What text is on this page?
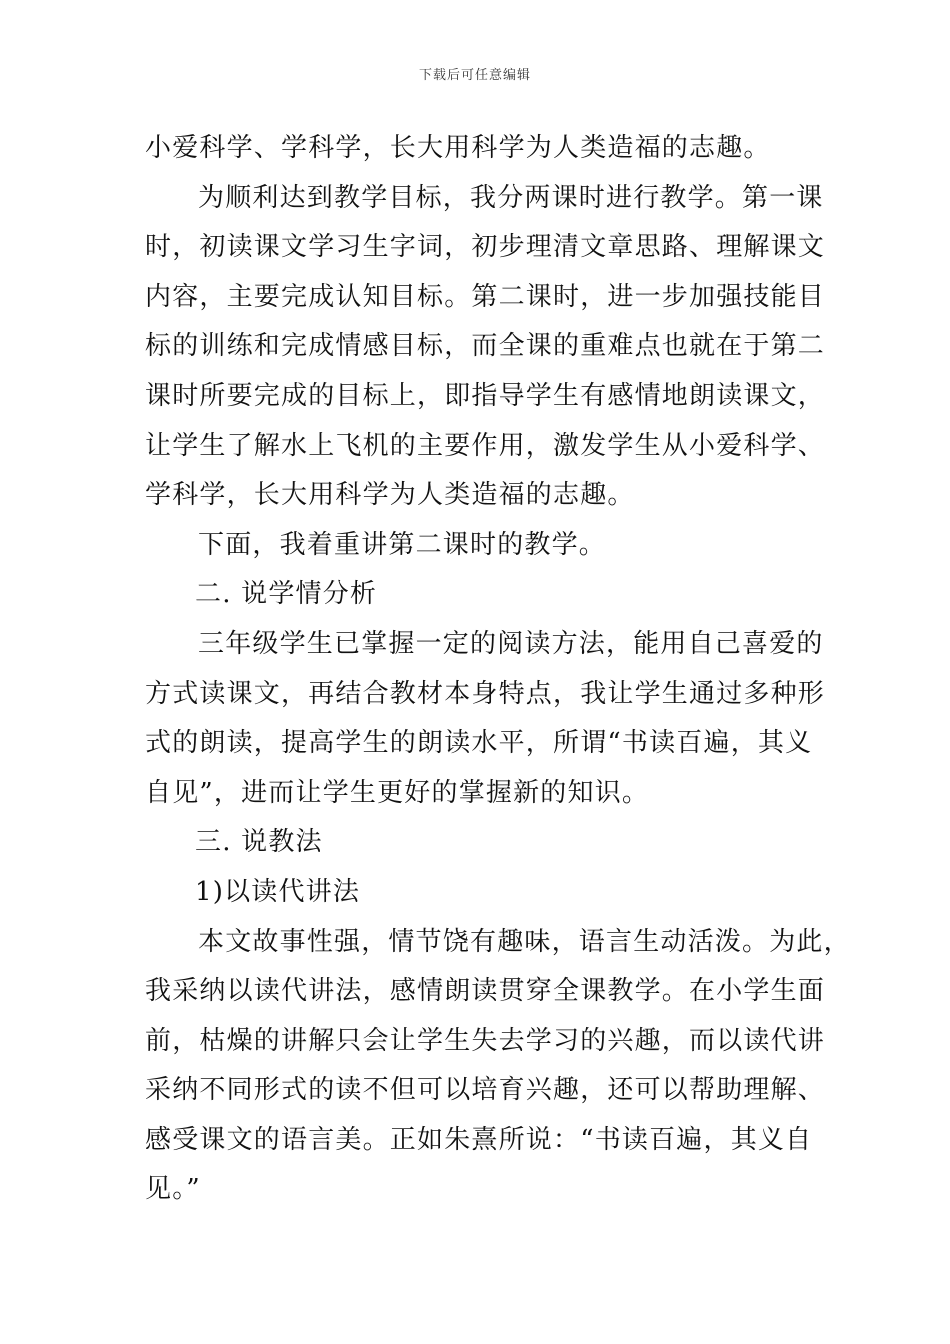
下载后可任意编辑
小爱科学、学科学，长大用科学为人类造福的志趣。
为顺利达到教学目标，我分两课时进行教学。第一课
时，初读课文学习生字词，初步理清文章思路、理解课文
内容，主要完成认知目标。第二课时，进一步加强技能目
标的训练和完成情感目标，而全课的重难点也就在于第二
课时所要完成的目标上，即指导学生有感情地朗读课文，
让学生了解水上飞机的主要作用，激发学生从小爱科学、
学科学，长大用科学为人类造福的志趣。
下面，我着重讲第二课时的教学。
二. 说学情分析
三年级学生已掌握一定的阅读方法，能用自己喜爱的
方式读课文，再结合教材本身特点，我让学生通过多种形
式的朗读，提高学生的朗读水平，所谓“书读百遍，其义
自见”，进而让学生更好的掌握新的知识。
三. 说教法
1)以读代讲法
本文故事性强，情节饶有趣味，语言生动活泼。为此，
我采纳以读代讲法，感情朗读贯穿全课教学。在小学生面
前，枯燥的讲解只会让学生失去学习的兴趣，而以读代讲
采纳不同形式的读不但可以培育兴趣，还可以帮助理解、
感受课文的语言美。正如朱熹所说：“书读百遍，其义自
见。”
